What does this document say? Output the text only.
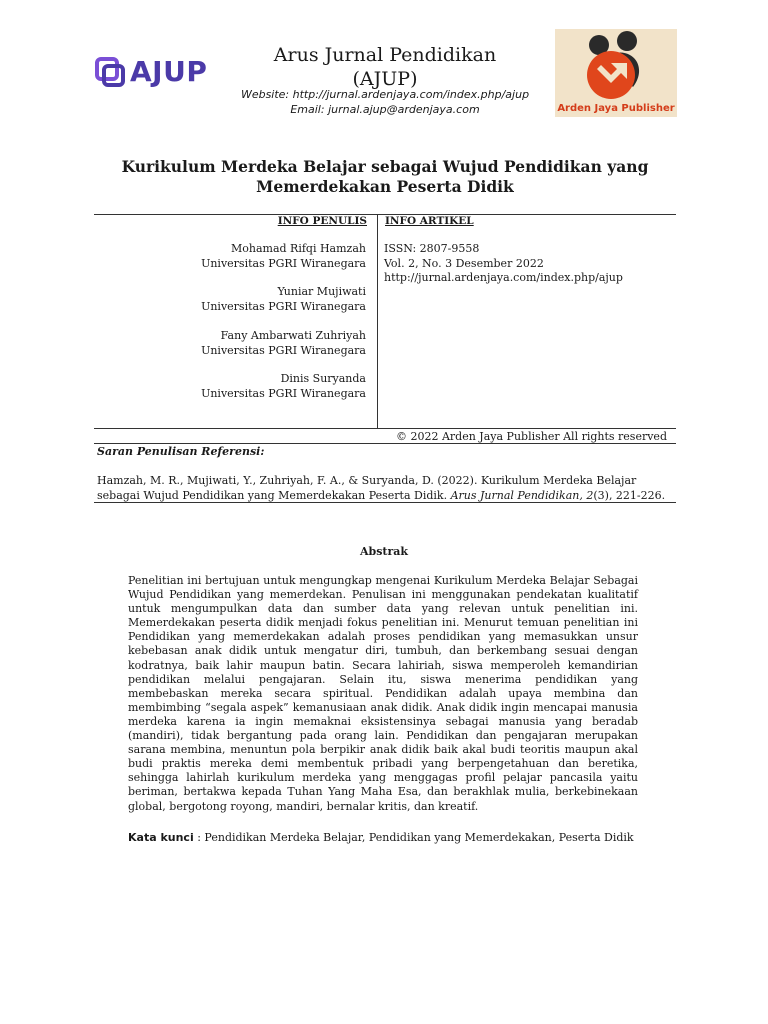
AJUP	Arus Jurnal Pendidikan
(AJUP)
Website: http://jurnal.ardenjaya.com/index.php/ajup
Email: jurnal.ajup@ardenjaya.com	Arden Jaya Publisher
Kurikulum Merdeka Belajar sebagai Wujud Pendidikan yang
Memerdekakan Peserta Didik
INFO PENULIS INFO ARTIKEL
Mohamad Rifqi Hamzah
Universitas PGRI Wiranegara
Yuniar Mujiwati
Universitas PGRI Wiranegara
Fany Ambarwati Zuhriyah
Universitas PGRI Wiranegara
Dinis Suryanda
Universitas PGRI Wiranegara
ISSN: 2807-9558
Vol. 2, No. 3 Desember 2022
http://jurnal.ardenjaya.com/index.php/ajup
© 2022 Arden Jaya Publisher All rights reserved
Saran Penulisan Referensi:
Hamzah, M. R., Mujiwati, Y., Zuhriyah, F. A., & Suryanda, D. (2022). Kurikulum Merdeka Belajar sebagai Wujud Pendidikan yang Memerdekakan Peserta Didik. Arus Jurnal Pendidikan, 2(3), 221-226.
Abstrak
Penelitian ini bertujuan untuk mengungkap mengenai Kurikulum Merdeka Belajar Sebagai Wujud Pendidikan yang memerdekan. Penulisan ini menggunakan pendekatan kualitatif untuk mengumpulkan data dan sumber data yang relevan untuk penelitian ini. Memerdekakan peserta didik menjadi fokus penelitian ini. Menurut temuan penelitian ini Pendidikan yang memerdekakan adalah proses pendidikan yang memasukkan unsur kebebasan anak didik untuk mengatur diri, tumbuh, dan berkembang sesuai dengan kodratnya, baik lahir maupun batin. Secara lahiriah, siswa memperoleh kemandirian pendidikan melalui pengajaran. Selain itu, siswa menerima pendidikan yang membebaskan mereka secara spiritual. Pendidikan adalah upaya membina dan membimbing “segala aspek” kemanusiaan anak didik. Anak didik ingin mencapai manusia merdeka karena ia ingin memaknai eksistensinya sebagai manusia yang beradab (mandiri), tidak bergantung pada orang lain. Pendidikan dan pengajaran merupakan sarana membina, menuntun pola berpikir anak didik baik akal budi teoritis maupun akal budi praktis mereka demi membentuk pribadi yang berpengetahuan dan beretika, sehingga lahirlah kurikulum merdeka yang menggagas profil pelajar pancasila yaitu beriman, bertakwa kepada Tuhan Yang Maha Esa, dan berakhlak mulia, berkebinekaan global, bergotong royong, mandiri, bernalar kritis, dan kreatif.
Kata kunci : Pendidikan Merdeka Belajar, Pendidikan yang Memerdekakan, Peserta Didik
